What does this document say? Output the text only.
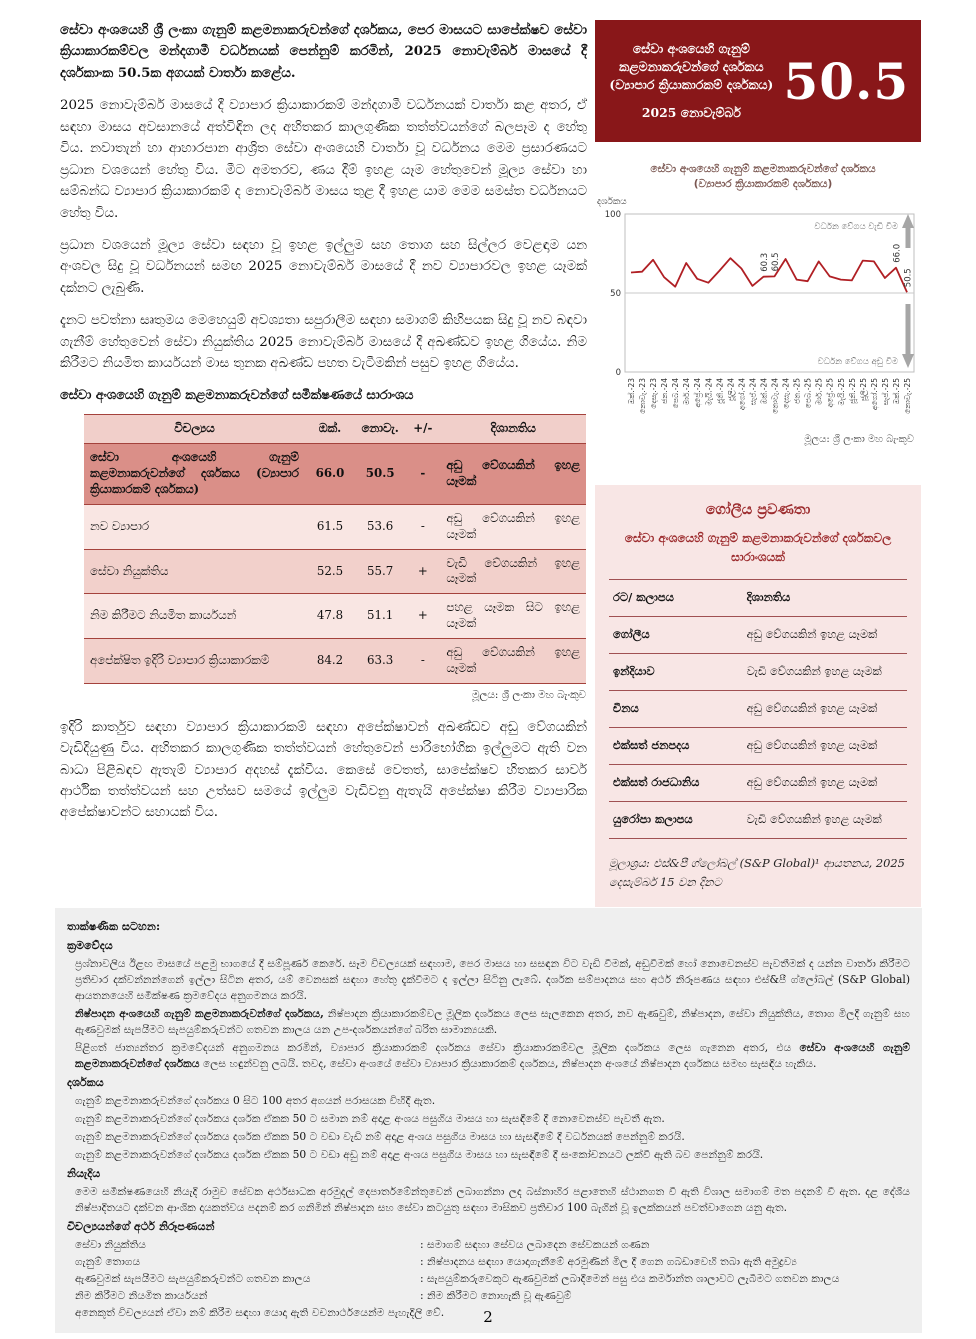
සේවා අංශයෙහි ශ්‍රී ලංකා ගැනුම් කළමනාකරුවන්ගේ දර්ශකය, පෙර මාසයට සාපේක්ෂව සේවා ක්‍රියාකාරකම්වල මන්දගාමී වර්ධනයක් පෙන්නුම් කරමින්, 2025 නොවැම්බර් මාසයේ දී දර්ශකාංක 50.5ක අගයක් වාර්තා කළේය.

2025 නොවැම්බර් මාසයේ දී ව්‍යාපාර ක්‍රියාකාරකම් මන්දගාමී වර්ධනයක් වාර්තා කළ අතර, ඒ සඳහා මාසය අවසානයේ අත්විඳින ලද අහිතකර කාලගුණික තත්ත්වයන්ගේ බලපෑම ද හේතු විය. නවාතැන් හා ආහාරපාන ආශ්‍රිත සේවා අංශයෙහි වාර්තා වූ වර්ධනය මෙම ප්‍රසාරණයට ප්‍රධාන වශයෙන් හේතු විය. මීට අමතරව, ණය දීම් ඉහළ යෑම හේතුවෙන් මූල්‍ය සේවා හා සම්බන්ධ ව්‍යාපාර ක්‍රියාකාරකම් ද නොවැම්බර් මාසය තුළ දී ඉහළ යාම මෙම සමස්ත වර්ධනයට හේතු විය.

ප්‍රධාන වශයෙන් මූල්‍ය සේවා සඳහා වූ ඉහළ ඉල්ලුම සහ තොග සහ සිල්ලර වෙළඳාම යන අංශවල සිදු වූ වර්ධනයන් සමඟ 2025 නොවැම්බර් මාසයේ දී නව ව්‍යාපාරවල ඉහළ යෑමක් දක්නට ලැබුණි.

දැනට පවත්නා සෘතුමය මෙහෙයුම් අවශ්‍යතා සපුරාලීම සඳහා සමාගම් කිහිපයක සිදු වූ නව බඳවා ගැනීම් හේතුවෙන් සේවා නියුක්තිය 2025 නොවැම්බර් මාසයේ දී අඛණ්ඩව ඉහළ ගියේය. නිම කිරීමට නියමිත කාර්යයන් මාස තුනක අඛණ්ඩ පහත වැටීමකින් පසුව ඉහළ ගියේය.

සේවා අංශයෙහි ගැනුම් කළමනාකරුවන්ගේ සමීක්ෂණයේ සාරාංශය
විචල්‍යය	ඔක්.	නොවැ.	+/-	දිශානතිය
සේවා අංශයෙහි ගැනුම් කළමනාකරුවන්ගේ දර්ශකය (ව්‍යාපාර ක්‍රියාකාරකම් දර්ශකය)	66.0	50.5	-	අඩු වේගයකින් ඉහළ යෑමක්
නව ව්‍යාපාර	61.5	53.6	-	අඩු වේගයකින් ඉහළ යෑමක්
සේවා නියුක්තිය	52.5	55.7	+	වැඩි වේගයකින් ඉහළ යෑමක්
නිම කිරීමට නියමිත කාර්යයන්	47.8	51.1	+	පහළ යෑමක සිට ඉහළ යෑමක්
අපේක්ෂිත ඉදිරි ව්‍යාපාර ක්‍රියාකාරකම්	84.2	63.3	-	අඩු වේගයකින් ඉහළ යෑමක්
මූලය: ශ්‍රී ලංකා මහ බැංකුව

ඉදිරි කාර්තුව සඳහා ව්‍යාපාර ක්‍රියාකාරකම් සඳහා අපේක්ෂාවන් අඛණ්ඩව අඩු වේගයකින් වැඩිදියුණු විය. අහිතකර කාලගුණික තත්ත්වයන් හේතුවෙන් පාරිභෝගික ඉල්ලුමට ඇති වන බාධා පිළිබඳව ඇතැම් ව්‍යාපාර අදහස් දැක්වීය. කෙසේ වෙතත්, සාපේක්ෂව හිතකර සාර්ව ආර්ථික තත්ත්වයන් සහ උත්සව සමයේ ඉල්ලුම වැඩිවනු ඇතැයි අපේක්ෂා කිරීම ව්‍යාපාරික අපේක්ෂාවන්ට සහායක් විය.

සේවා අංශයෙහි ගැනුම් කළමනාකරුවන්ගේ දර්ශකය
(ව්‍යාපාර ක්‍රියාකාරකම් දර්ශකය)
2025 නොවැම්බර්
50.5
සේවා අංශයෙහි ගැනුම් කළමනාකරුවන්ගේ දර්ශකය
(ව්‍යාපාර ක්‍රියාකාරකම් දර්ශකය)
දර්ශකය
0
50
100
60.3 60.5	66.0
50.5
ඔක්.-23 නොවැ.-23 දෙසැ.-23 ජන.-24 පෙබ.-24 මාර්.-24 අප්‍රේ.-24 මැයි.-24 ජූනි.-24 ජූලි-24 අගෝ.-24 සැප්.-24 ඔක්.-24 නොවැ.-24 දෙසැ.-24 ජන.-25 පෙබ.-25 මාර්.-25 අප්‍රේ.-25 මැයි.-25 ජූනි.-25 ජූලි-25 අගෝ.-25 සැප්.-25 ඔක්.-25 නොවැ.-25
වර්ධන වේගය වැඩි වීම
වර්ධන වේගය අඩු වීම
මූලය: ශ්‍රී ලංකා මහ බැංකුව
ගෝලීය ප්‍රවණතා
සේවා අංශයෙහි ගැනුම් කළමනාකරුවන්ගේ දර්ශකවල සාරාංශයක්
රට/ කලාපය	දිශානතිය
ගෝලීය	අඩු වේගයකින් ඉහළ යෑමක්
ඉන්දියාව	වැඩි වේගයකින් ඉහළ යෑමක්
චීනය	අඩු වේගයකින් ඉහළ යෑමක්
එක්සත් ජනපදය	අඩු වේගයකින් ඉහළ යෑමක්
එක්සත් රාජධානිය	අඩු වේගයකින් ඉහළ යෑමක්
යුරෝපා කලාපය	වැඩි වේගයකින් ඉහළ යෑමක්
මූලාශ්‍රය: එස්&පී ග්ලෝබල් (S&P Global)¹ ආයතනය, 2025 දෙසැම්බර් 15 වන දිනට
තාක්ෂණික සටහන:
ක්‍රමවේදය

ප්‍රශ්නාවලිය ඊළඟ මාසයේ පළමු භාගයේ දී සම්පූර්ණ කෙරේ. සෑම විචල්‍යයක් සඳහාම, පෙර මාසය හා සසඳන විට වැඩි වීමක්, අඩුවීමක් හෝ නොවෙනස්ව පැවතීමක් ද යන්න වාර්තා කිරීමට ප්‍රතිචාර දක්වන්නන්ගෙන් ඉල්ලා සිටින අතර, යම් වෙනසක් සඳහා හේතු දැක්වීමට ද ඉල්ලා සිටිනු ලැබේ. දර්ශක සම්පාදනය සහ අර්ථ නිරූපණය සඳහා එස්&පී ග්ලෝබල් (S&P Global) ආයතනයෙහි සමීක්ෂණ ක්‍රමවේදය අනුගමනය කරයි.

නිෂ්පාදන අංශයෙහි ගැනුම් කළමනාකරුවන්ගේ දර්ශකය, නිෂ්පාදන ක්‍රියාකාරකම්වල මූලික දර්ශකය ලෙස සැලකෙන අතර, නව ඇණවුම්, නිෂ්පාදන, සේවා නියුක්තිය, තොග මිලදී ගැනුම් සහ ඇණවුමක් සැපයීමට සැපයුම්කරුවන්ට ගතවන කාලය යන උප-දර්ශකයන්ගේ බරිත සාමාන්‍යයකි.

පිළිගත් ජාත්‍යන්තර ක්‍රමවේදයන් අනුගමනය කරමින්, ව්‍යාපාර ක්‍රියාකාරකම් දර්ශකය සේවා ක්‍රියාකාරකම්වල මූලික දර්ශකය ලෙස ගැනෙන අතර, එය සේවා අංශයෙහි ගැනුම් කළමනාකරුවන්ගේ දර්ශකය ලෙස හඳුන්වනු ලබයි. තවද, සේවා අංශයේ සේවා ව්‍යාපාර ක්‍රියාකාරකම් දර්ශකය, නිෂ්පාදන අංශයේ නිෂ්පාදන දර්ශකය සමඟ සැසඳිය හැකිය.

දර්ශකය

ගැනුම් කළමනාකරුවන්ගේ දර්ශකය 0 සිට 100 අතර අගයන් පරාසයක විහිදී ඇත.

ගැනුම් කළමනාකරුවන්ගේ දර්ශකය දර්ශක ඒකක 50 ට සමාන නම් අදාළ අංශය පසුගිය මාසය හා සැසඳීමේ දී නොවෙනස්ව පැවතී ඇත.

ගැනුම් කළමනාකරුවන්ගේ දර්ශකය දර්ශක ඒකක 50 ට වඩා වැඩි නම් අදාළ අංශය පසුගිය මාසය හා සැසඳීමේ දී වර්ධනයක් පෙන්නුම් කරයි.

ගැනුම් කළමනාකරුවන්ගේ දර්ශකය දර්ශක ඒකක 50 ට වඩා අඩු නම් අදාළ අංශය පසුගිය මාසය හා සැසඳීමේ දී සංකෝචනයට ලක්වී ඇති බව පෙන්නුම් කරයි.

නියැදිය

මෙම සමීක්ෂණයෙහි නියැදි රාමුව සේවක අර්ථසාධක අරමුදල් දෙපාර්තමේන්තුවෙන් ලබාගන්නා ලද බස්නාහිර පළාතෙහි ස්ථානගත වී ඇති විශාල සමාගම් මත පදනම් වී ඇත. දළ දේශීය නිෂ්පාදිතයට දක්වන ආංශික දායකත්වය පදනම් කර ගනිමින් නිෂ්පාදන සහ සේවා කටයුතු සඳහා මාසිකව ප්‍රතිචාර 100 බැගින් වූ ඉලක්කයන් පවත්වාගෙන යනු ඇත.

විචල්‍යයන්ගේ අර්ථ නිරූපණයන්
සේවා නියුක්තිය	: සමාගම් සඳහා සේවය ලබාදෙන සේවකයන් ගණන
ගැනුම් තොගය	: නිෂ්පාදනය සඳහා යොදාගැනීමේ අරමුණින් මිල දී ගෙන ගබඩාවෙහි තබා ඇති අමුද්‍රව්‍ය
ඇණවුමක් සැපයීමට සැපයුම්කරුවන්ට ගතවන කාලය	: සැපයුම්කරුවෙකුට ඇණවුමක් ලබාදීමෙන් පසු එය කර්මාන්ත ශාලාවට ලැබීමට ගතවන කාලය
නිම කිරීමට නියමිත කාර්යයන්	: නිම කිරීමට නොහැකි වූ ඇණවුම්

අනෙකුත් විචල්‍යයන් ඒවා නම් කිරීම සඳහා යොදා ඇති වචනාර්ථයෙන්ම පැහැදිලි වේ.	2
